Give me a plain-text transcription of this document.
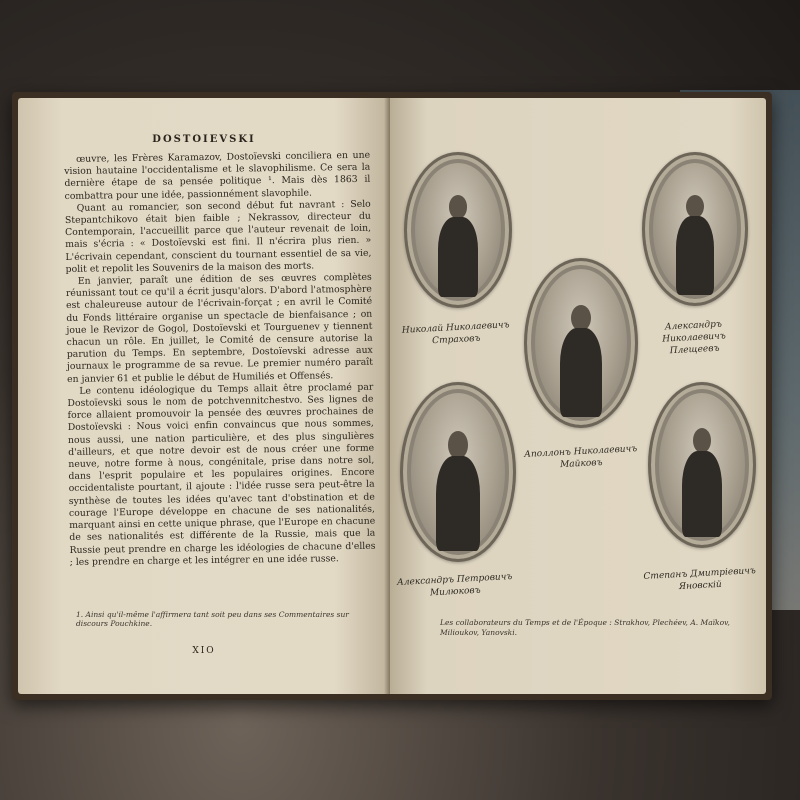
DOSTOIEVSKI

œuvre, les Frères Karamazov, Dostoïevski conciliera en une vision hautaine l'occidentalisme et le slavophilisme. Ce sera la dernière étape de sa pensée politique ¹. Mais dès 1863 il combattra pour une idée, passionnément slavophile.

Quant au romancier, son second début fut navrant : Selo Stepantchikovo était bien faible ; Nekrassov, directeur du Contemporain, l'accueillit parce que l'auteur revenait de loin, mais s'écria : « Dostoïevski est fini. Il n'écrira plus rien. » L'écrivain cependant, conscient du tournant essentiel de sa vie, polit et repolit les Souvenirs de la maison des morts.

En janvier, paraît une édition de ses œuvres complètes réunissant tout ce qu'il a écrit jusqu'alors. D'abord l'atmosphère est chaleureuse autour de l'écrivain-forçat ; en avril le Comité du Fonds littéraire organise un spectacle de bienfaisance ; on joue le Revizor de Gogol, Dostoïevski et Tourguenev y tiennent chacun un rôle. En juillet, le Comité de censure autorise la parution du Temps. En septembre, Dostoïevski adresse aux journaux le programme de sa revue. Le premier numéro paraît en janvier 61 et publie le début de Humiliés et Offensés.

Le contenu idéologique du Temps allait être proclamé par Dostoïevski sous le nom de potchvennitchestvo. Ses lignes de force allaient promouvoir la pensée des œuvres prochaines de Dostoïevski : Nous voici enfin convaincus que nous sommes, nous aussi, une nation particulière, et des plus singulières d'ailleurs, et que notre devoir est de nous créer une forme neuve, notre forme à nous, congénitale, prise dans notre sol, dans l'esprit populaire et les populaires origines. Encore occidentaliste pourtant, il ajoute : l'idée russe sera peut-être la synthèse de toutes les idées qu'avec tant d'obstination et de courage l'Europe développe en chacune de ses nationalités, marquant ainsi en cette unique phrase, que l'Europe en chacune de ses nationalités est différente de la Russie, mais que la Russie peut prendre en charge les idéologies de chacune d'elles ; les prendre en charge et les intégrer en une idée russe.

1. Ainsi qu'il-même l'affirmera tant soit peu dans ses Commentaires sur discours Pouchkine.
XIO
Николай Николаевичъ Страховъ
Александръ Николаевичъ Плещеевъ
Аполлонъ Николаевичъ Майковъ
Александръ Петровичъ Милюковъ
Степанъ Дмитріевичъ Яновскій
Les collaborateurs du Temps et de l'Époque : Strakhov, Plechéev, A. Maïkov, Milioukov, Yanovski.
